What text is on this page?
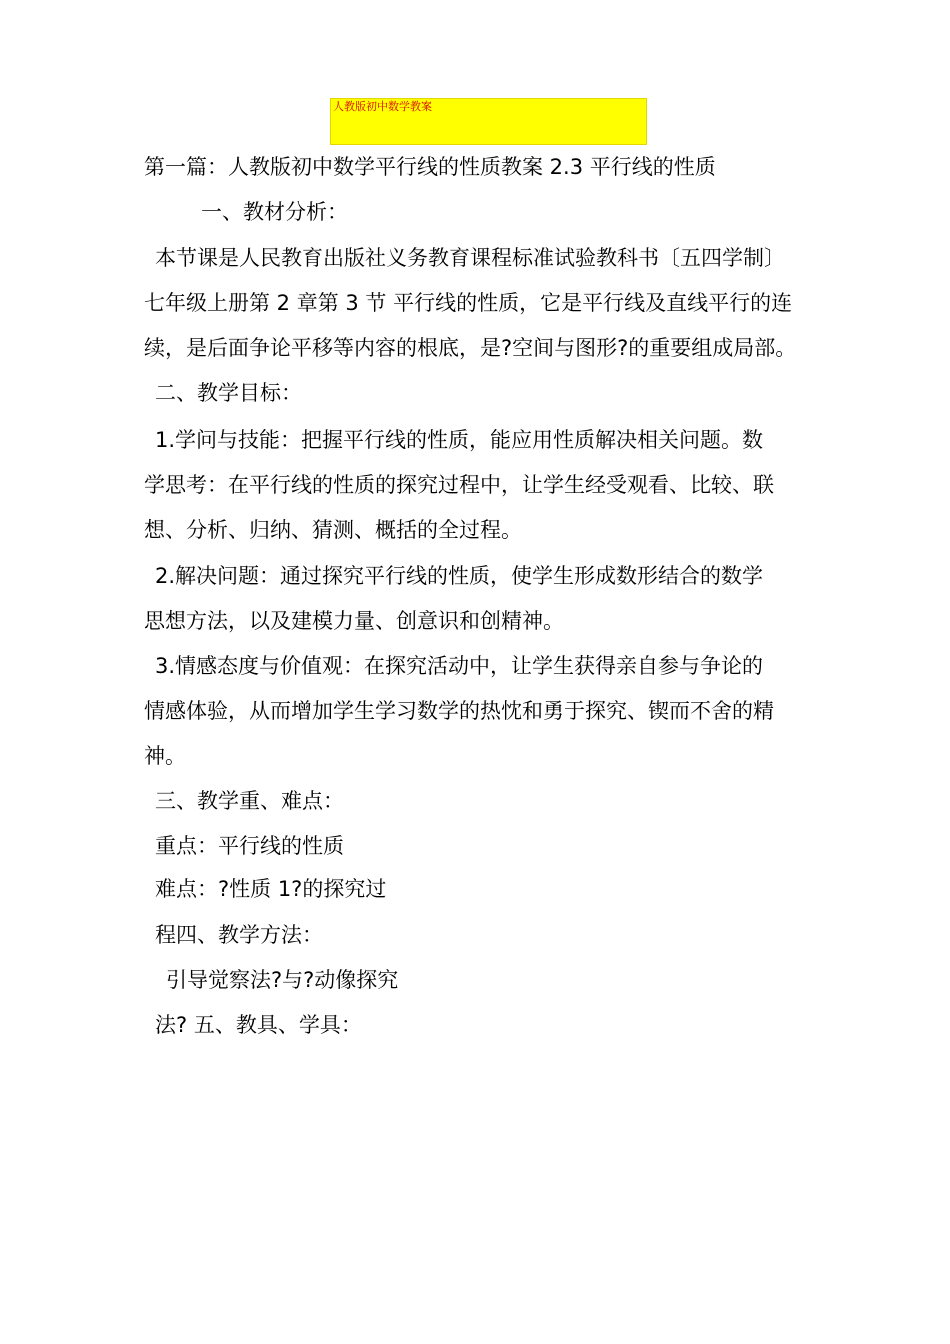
人教版初中数学教案
第一篇：人教版初中数学平行线的性质教案 2.3 平行线的性质
一、教材分析：
本节课是人民教育出版社义务教育课程标准试验教科书〔五四学制〕
七年级上册第 2 章第 3 节 平行线的性质，它是平行线及直线平行的连
续，是后面争论平移等内容的根底，是?空间与图形?的重要组成局部。
二、教学目标：
1.学问与技能：把握平行线的性质，能应用性质解决相关问题。数
学思考：在平行线的性质的探究过程中，让学生经受观看、比较、联
想、分析、归纳、猜测、概括的全过程。
2.解决问题：通过探究平行线的性质，使学生形成数形结合的数学
思想方法，以及建模力量、创意识和创精神。
3.情感态度与价值观：在探究活动中，让学生获得亲自参与争论的
情感体验，从而增加学生学习数学的热忱和勇于探究、锲而不舍的精
神。
三、教学重、难点：
重点：平行线的性质
难点：?性质 1?的探究过
程四、教学方法：
引导觉察法?与?动像探究
法? 五、教具、学具：
